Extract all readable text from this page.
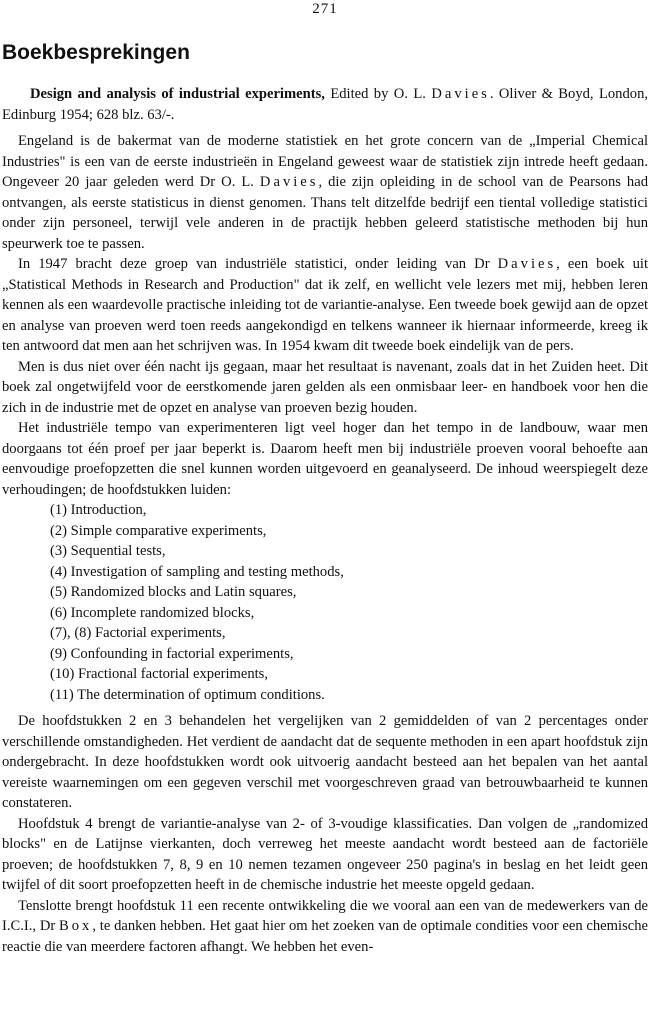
271
Boekbesprekingen

Design and analysis of industrial experiments, Edited by O. L. Davies. Oliver & Boyd, London, Edinburg 1954; 628 blz. 63/-.

Engeland is de bakermat van de moderne statistiek en het grote concern van de „Imperial Chemical Industries" is een van de eerste industrieën in Engeland geweest waar de statistiek zijn intrede heeft gedaan. Ongeveer 20 jaar geleden werd Dr O. L. Davies, die zijn opleiding in de school van de Pearsons had ontvangen, als eerste statisticus in dienst genomen. Thans telt ditzelfde bedrijf een tiental volledige statistici onder zijn personeel, terwijl vele anderen in de practijk hebben geleerd statistische methoden bij hun speurwerk toe te passen.

In 1947 bracht deze groep van industriële statistici, onder leiding van Dr Davies, een boek uit „Statistical Methods in Research and Production" dat ik zelf, en wellicht vele lezers met mij, hebben leren kennen als een waardevolle practische inleiding tot de variantie-analyse. Een tweede boek gewijd aan de opzet en analyse van proeven werd toen reeds aangekondigd en telkens wanneer ik hiernaar informeerde, kreeg ik ten antwoord dat men aan het schrijven was. In 1954 kwam dit tweede boek eindelijk van de pers.

Men is dus niet over één nacht ijs gegaan, maar het resultaat is navenant, zoals dat in het Zuiden heet. Dit boek zal ongetwijfeld voor de eerstkomende jaren gelden als een onmisbaar leer- en handboek voor hen die zich in de industrie met de opzet en analyse van proeven bezig houden.

Het industriële tempo van experimenteren ligt veel hoger dan het tempo in de landbouw, waar men doorgaans tot één proef per jaar beperkt is. Daarom heeft men bij industriële proeven vooral behoefte aan eenvoudige proefopzetten die snel kunnen worden uitgevoerd en geanalyseerd. De inhoud weerspiegelt deze verhoudingen; de hoofdstukken luiden:

(1) Introduction,
(2) Simple comparative experiments,
(3) Sequential tests,
(4) Investigation of sampling and testing methods,
(5) Randomized blocks and Latin squares,
(6) Incomplete randomized blocks,
(7), (8) Factorial experiments,
(9) Confounding in factorial experiments,
(10) Fractional factorial experiments,
(11) The determination of optimum conditions.

De hoofdstukken 2 en 3 behandelen het vergelijken van 2 gemiddelden of van 2 percentages onder verschillende omstandigheden. Het verdient de aandacht dat de sequente methoden in een apart hoofdstuk zijn ondergebracht. In deze hoofdstukken wordt ook uitvoerig aandacht besteed aan het bepalen van het aantal vereiste waarnemingen om een gegeven verschil met voorgeschreven graad van betrouwbaarheid te kunnen constateren.

Hoofdstuk 4 brengt de variantie-analyse van 2- of 3-voudige klassificaties. Dan volgen de „randomized blocks" en de Latijnse vierkanten, doch verreweg het meeste aandacht wordt besteed aan de factoriële proeven; de hoofdstukken 7, 8, 9 en 10 nemen tezamen ongeveer 250 pagina's in beslag en het leidt geen twijfel of dit soort proefopzetten heeft in de chemische industrie het meeste opgeld gedaan.

Tenslotte brengt hoofdstuk 11 een recente ontwikkeling die we vooral aan een van de medewerkers van de I.C.I., Dr Box, te danken hebben. Het gaat hier om het zoeken van de optimale condities voor een chemische reactie die van meerdere factoren afhangt. We hebben het even-
